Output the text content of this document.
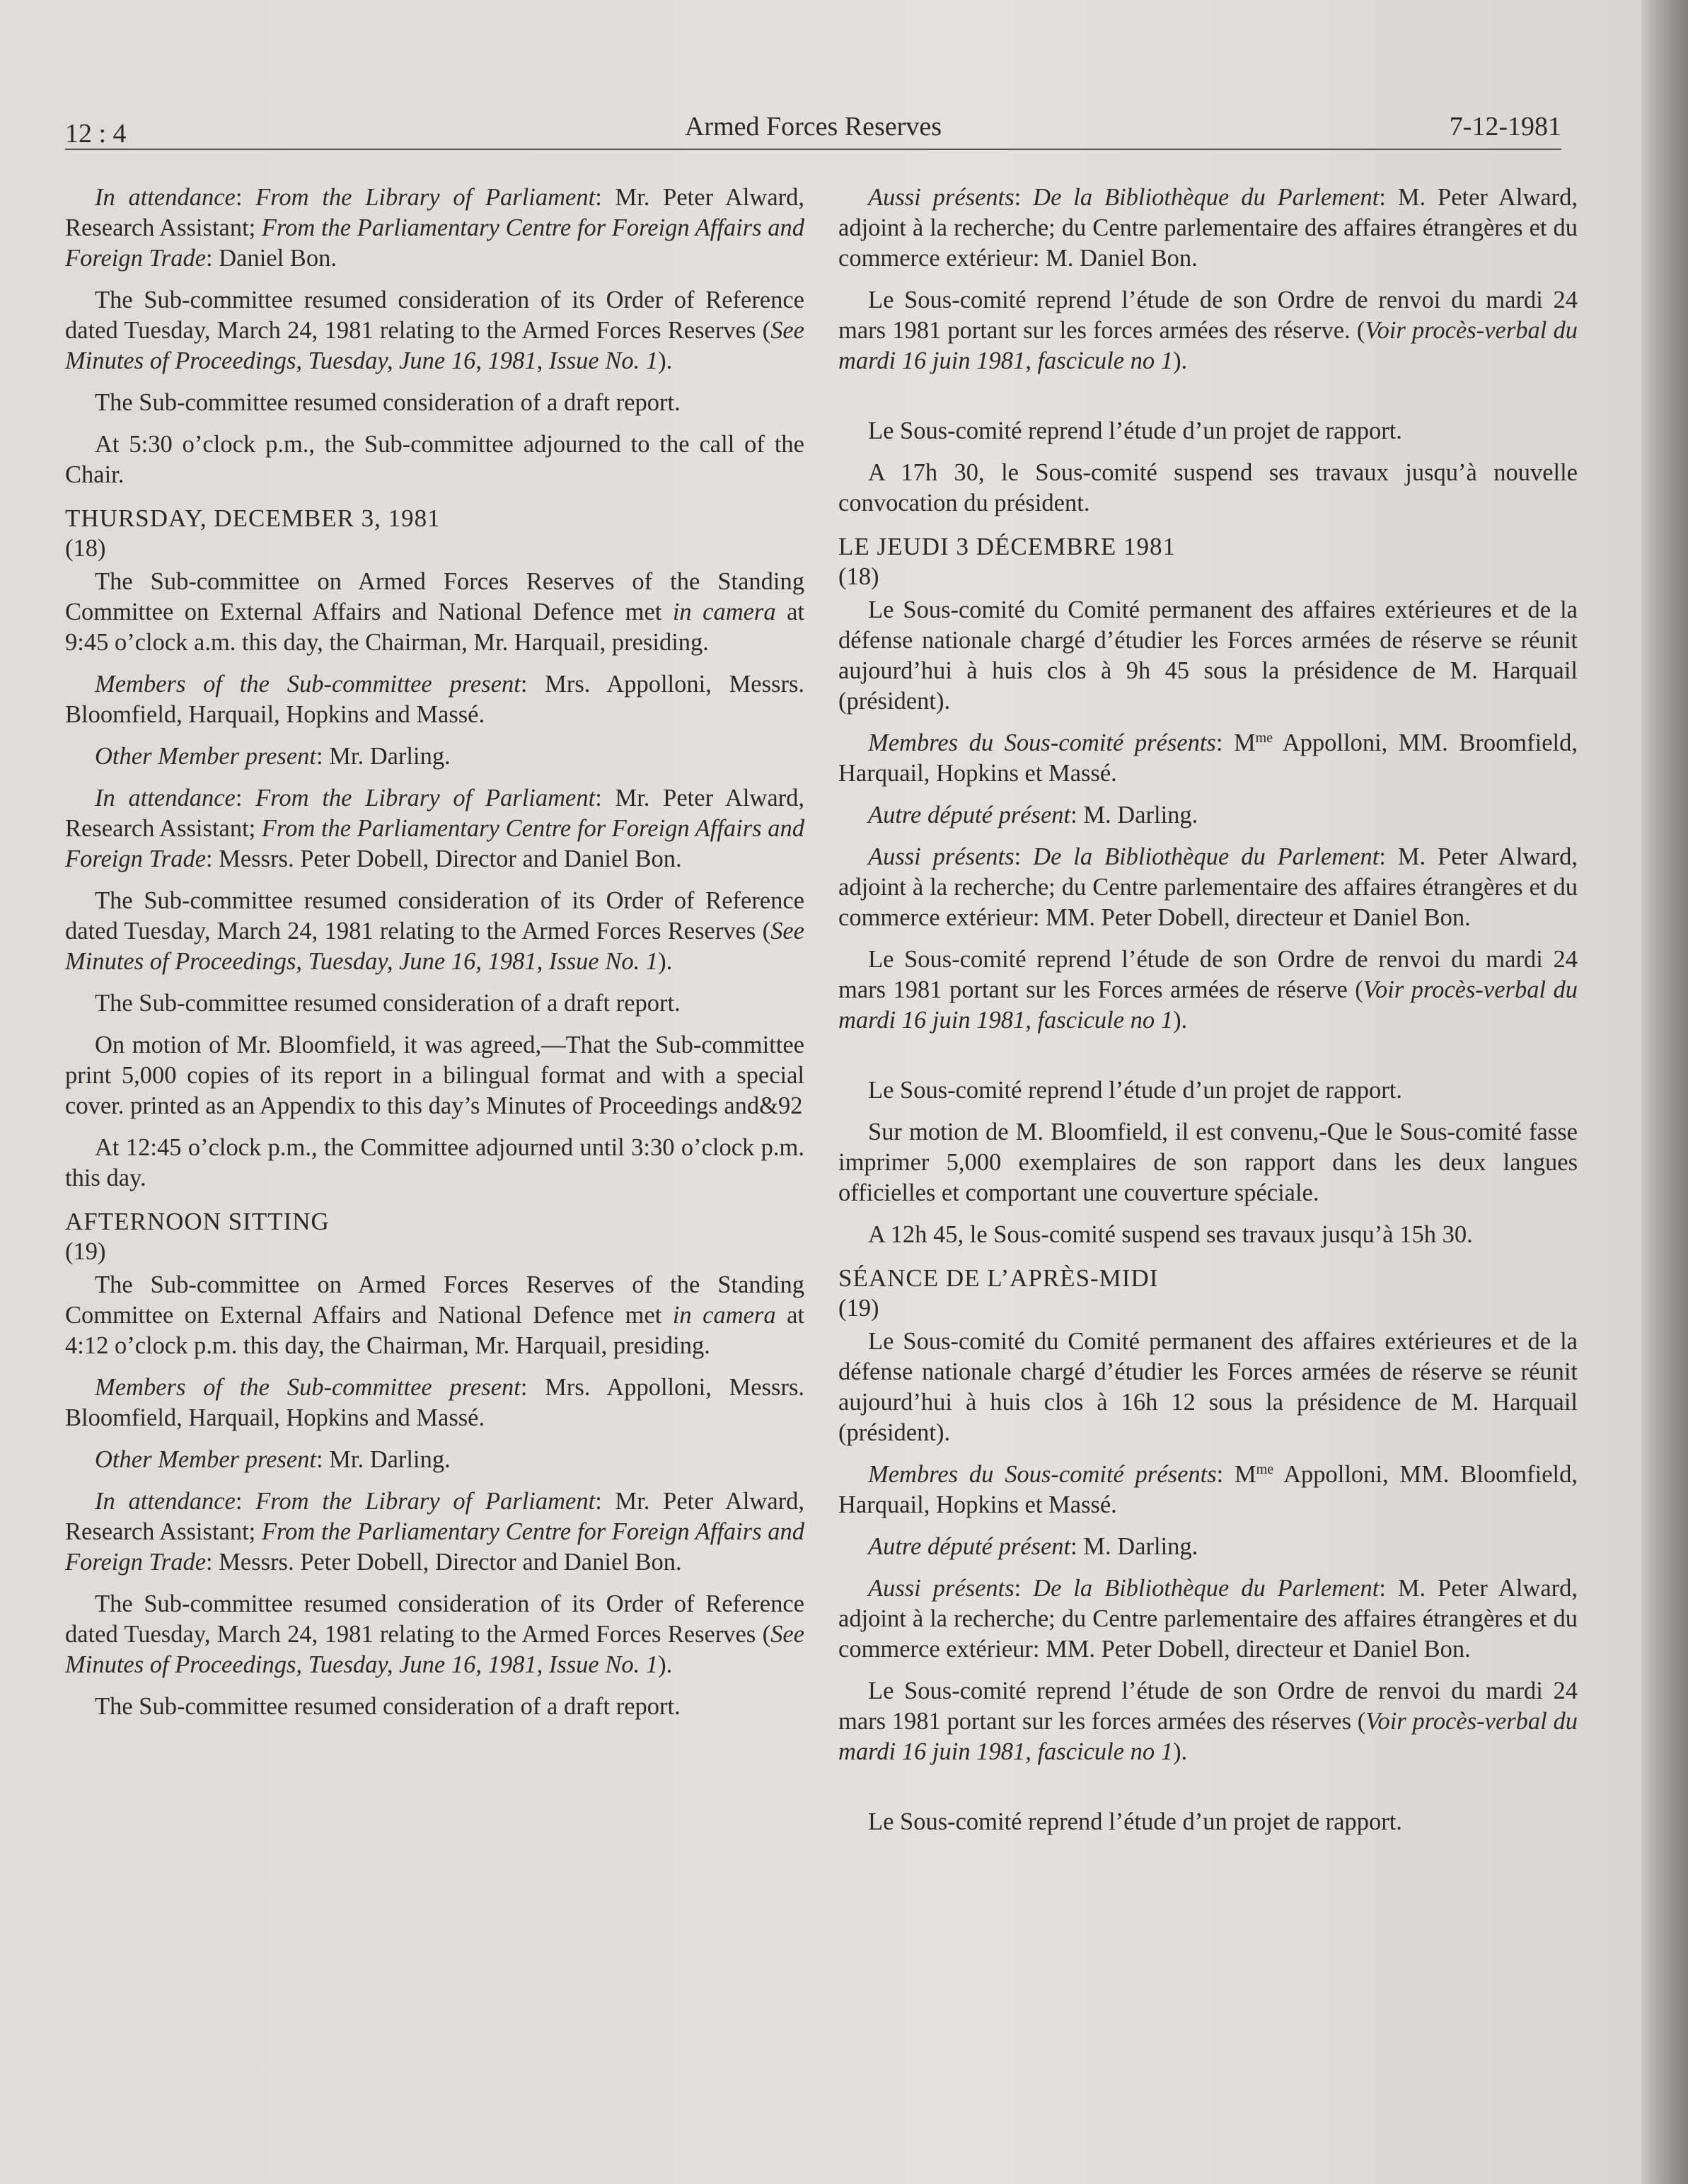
12 : 4	Armed Forces Reserves	7-12-1981

In attendance: From the Library of Parliament: Mr. Peter Alward, Research Assistant; From the Parliamentary Centre for Foreign Affairs and Foreign Trade: Daniel Bon.

The Sub-committee resumed consideration of its Order of Reference dated Tuesday, March 24, 1981 relating to the Armed Forces Reserves (See Minutes of Proceedings, Tuesday, June 16, 1981, Issue No. 1).

The Sub-committee resumed consideration of a draft report.

At 5:30 o’clock p.m., the Sub-committee adjourned to the call of the Chair.

THURSDAY, DECEMBER 3, 1981
(18)

The Sub-committee on Armed Forces Reserves of the Standing Committee on External Affairs and National Defence met in camera at 9:45 o’clock a.m. this day, the Chairman, Mr. Harquail, presiding.

Members of the Sub-committee present: Mrs. Appolloni, Messrs. Bloomfield, Harquail, Hopkins and Massé.

Other Member present: Mr. Darling.

In attendance: From the Library of Parliament: Mr. Peter Alward, Research Assistant; From the Parliamentary Centre for Foreign Affairs and Foreign Trade: Messrs. Peter Dobell, Director and Daniel Bon.

The Sub-committee resumed consideration of its Order of Reference dated Tuesday, March 24, 1981 relating to the Armed Forces Reserves (See Minutes of Proceedings, Tuesday, June 16, 1981, Issue No. 1).

The Sub-committee resumed consideration of a draft report.

On motion of Mr. Bloomfield, it was agreed,—That the Sub-committee print 5,000 copies of its report in a bilingual format and with a special cover. printed as an Appendix to this day’s Minutes of Proceedings and&92

At 12:45 o’clock p.m., the Committee adjourned until 3:30 o’clock p.m. this day.

AFTERNOON SITTING
(19)

The Sub-committee on Armed Forces Reserves of the Standing Committee on External Affairs and National Defence met in camera at 4:12 o’clock p.m. this day, the Chairman, Mr. Harquail, presiding.

Members of the Sub-committee present: Mrs. Appolloni, Messrs. Bloomfield, Harquail, Hopkins and Massé.

Other Member present: Mr. Darling.

In attendance: From the Library of Parliament: Mr. Peter Alward, Research Assistant; From the Parliamentary Centre for Foreign Affairs and Foreign Trade: Messrs. Peter Dobell, Director and Daniel Bon.

The Sub-committee resumed consideration of its Order of Reference dated Tuesday, March 24, 1981 relating to the Armed Forces Reserves (See Minutes of Proceedings, Tuesday, June 16, 1981, Issue No. 1).

The Sub-committee resumed consideration of a draft report.

Aussi présents: De la Bibliothèque du Parlement: M. Peter Alward, adjoint à la recherche; du Centre parlementaire des affaires étrangères et du commerce extérieur: M. Daniel Bon.

Le Sous-comité reprend l’étude de son Ordre de renvoi du mardi 24 mars 1981 portant sur les forces armées des réserve. (Voir procès-verbal du mardi 16 juin 1981, fascicule no 1).

Le Sous-comité reprend l’étude d’un projet de rapport.

A 17h 30, le Sous-comité suspend ses travaux jusqu’à nouvelle convocation du président.

LE JEUDI 3 DÉCEMBRE 1981
(18)

Le Sous-comité du Comité permanent des affaires extérieures et de la défense nationale chargé d’étudier les Forces armées de réserve se réunit aujourd’hui à huis clos à 9h 45 sous la présidence de M. Harquail (président).

Membres du Sous-comité présents: $M^{me}$ Appolloni, MM. Broomfield, Harquail, Hopkins et Massé.

Autre député présent: M. Darling.

Aussi présents: De la Bibliothèque du Parlement: M. Peter Alward, adjoint à la recherche; du Centre parlementaire des affaires étrangères et du commerce extérieur: MM. Peter Dobell, directeur et Daniel Bon.

Le Sous-comité reprend l’étude de son Ordre de renvoi du mardi 24 mars 1981 portant sur les Forces armées de réserve (Voir procès-verbal du mardi 16 juin 1981, fascicule no 1).

Le Sous-comité reprend l’étude d’un projet de rapport.

Sur motion de M. Bloomfield, il est convenu,-Que le Sous-comité fasse imprimer 5,000 exemplaires de son rapport dans les deux langues officielles et comportant une couverture spéciale.

A 12h 45, le Sous-comité suspend ses travaux jusqu’à 15h 30.

SÉANCE DE L’APRÈS-MIDI
(19)

Le Sous-comité du Comité permanent des affaires extérieures et de la défense nationale chargé d’étudier les Forces armées de réserve se réunit aujourd’hui à huis clos à 16h 12 sous la présidence de M. Harquail (président).

Membres du Sous-comité présents: $M^{me}$ Appolloni, MM. Bloomfield, Harquail, Hopkins et Massé.

Autre député présent: M. Darling.

Aussi présents: De la Bibliothèque du Parlement: M. Peter Alward, adjoint à la recherche; du Centre parlementaire des affaires étrangères et du commerce extérieur: MM. Peter Dobell, directeur et Daniel Bon.

Le Sous-comité reprend l’étude de son Ordre de renvoi du mardi 24 mars 1981 portant sur les forces armées des réserves (Voir procès-verbal du mardi 16 juin 1981, fascicule no 1).

Le Sous-comité reprend l’étude d’un projet de rapport.
